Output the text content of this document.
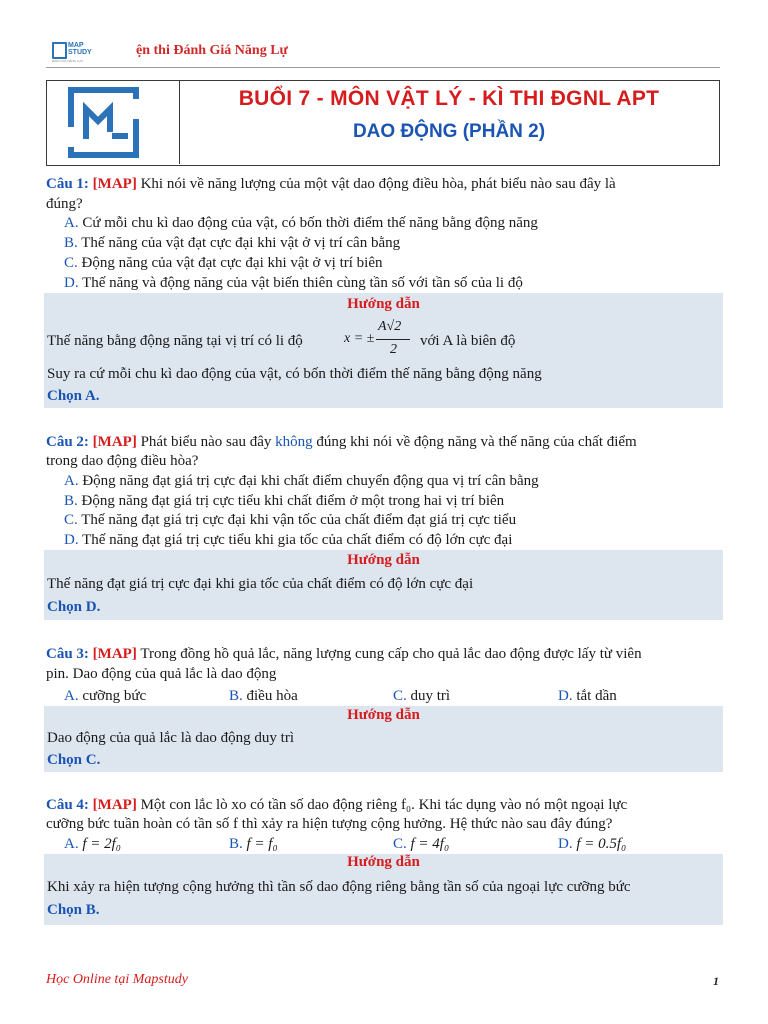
MAP
STUDY
ĐÁNH GIÁ NĂNG LỰC
ện thi Đánh Giá Năng Lự
BUỔI 7 - MÔN VẬT LÝ - KÌ THI ĐGNL APT
DAO ĐỘNG (PHẦN 2)
Câu 1: [MAP] Khi nói về năng lượng của một vật dao động điều hòa, phát biểu nào sau đây là
đúng?
A. Cứ mỗi chu kì dao động của vật, có bốn thời điểm thế năng bằng động năng
B. Thế năng của vật đạt cực đại khi vật ở vị trí cân bằng
C. Động năng của vật đạt cực đại khi vật ở vị trí biên
D. Thế năng và động năng của vật biến thiên cùng tần số với tần số của li độ
Hướng dẫn
Thế năng bằng động năng tại vị trí có li độ	x = ±
A√2
2
với A là biên độ
Suy ra cứ mỗi chu kì dao động của vật, có bốn thời điểm thế năng bằng động năng
Chọn A.
Câu 2: [MAP] Phát biểu nào sau đây không đúng khi nói về động năng và thế năng của chất điểm
trong dao động điều hòa?
A. Động năng đạt giá trị cực đại khi chất điểm chuyển động qua vị trí cân bằng
B. Động năng đạt giá trị cực tiểu khi chất điểm ở một trong hai vị trí biên
C. Thế năng đạt giá trị cực đại khi vận tốc của chất điểm đạt giá trị cực tiểu
D. Thế năng đạt giá trị cực tiểu khi gia tốc của chất điểm có độ lớn cực đại
Hướng dẫn
Thế năng đạt giá trị cực đại khi gia tốc của chất điểm có độ lớn cực đại
Chọn D.
Câu 3: [MAP] Trong đồng hồ quả lắc, năng lượng cung cấp cho quả lắc dao động được lấy từ viên
pin. Dao động của quả lắc là dao động
A. cưỡng bức	B. điều hòa	C. duy trì	D. tắt dần
Hướng dẫn
Dao động của quả lắc là dao động duy trì
Chọn C.
Câu 4: [MAP] Một con lắc lò xo có tần số dao động riêng f₀. Khi tác dụng vào nó một ngoại lực
cưỡng bức tuần hoàn có tần số f thì xảy ra hiện tượng cộng hưởng. Hệ thức nào sau đây đúng?
A. f = 2f₀	B. f = f₀	C. f = 4f₀	D. f = 0.5f₀
Hướng dẫn
Khi xảy ra hiện tượng cộng hưởng thì tần số dao động riêng bằng tần số của ngoại lực cưỡng bức
Chọn B.
Học Online tại Mapstudy	1
